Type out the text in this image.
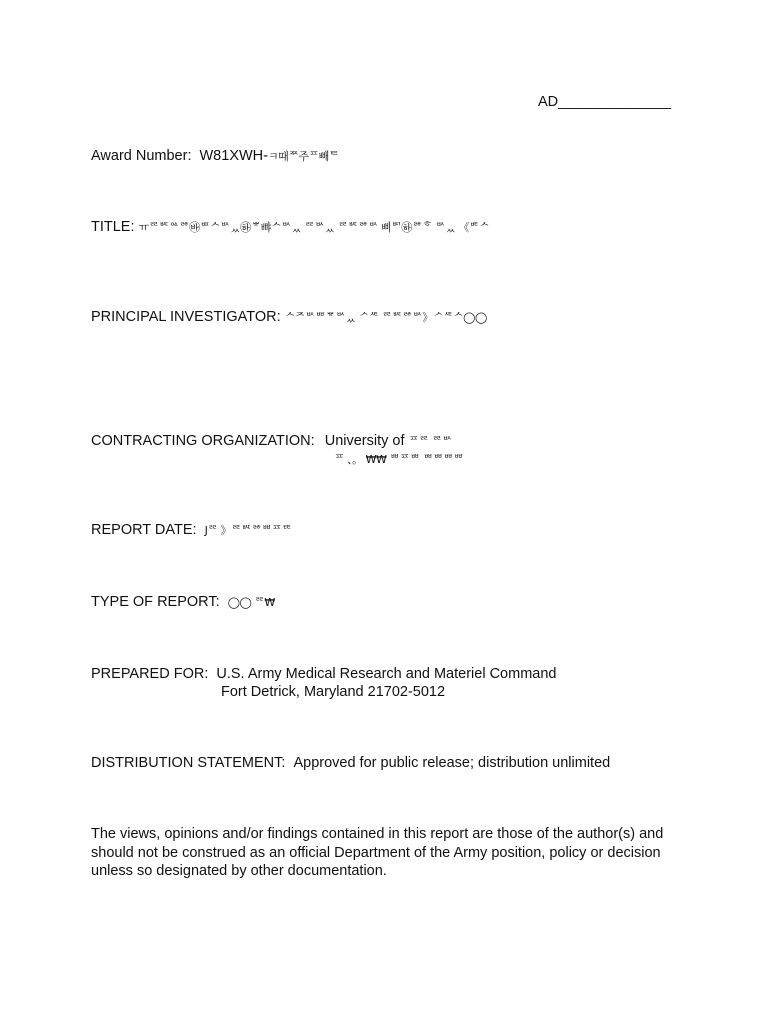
AD______________
Award Number: W81XWH-ㅋ때ᄍ주ᄑ빼ᄐ
TITLE: ㅠᄙᄣᅆᄚ㉳ᄪᄉᄡᆻ㉻ᄬ뺘ᄉᄡᆻ ᄙᄡᆻ ᄙᄣᄚᄡ 삐ᄢ㉻ᄚᄒ ᄡᆻ 《ᄩᄉ
PRINCIPAL INVESTIGATOR: ᄉᄌᄡᄈᄬᄡᆻ ᄼᄹ ᄙᄣᄚᄡ》ᄼᄹᄉ◯◯
CONTRACTING ORGANIZATION: University of ᄑᄙ ᄙᄡ
ᄑ 、。 ₩₩ ᄈᄑᄈ ᄈᄈᄈᄈ
REPORT DATE: Jᄙ 》ᄙᄣᄚᄈᄑᄐᄐ
TYPE OF REPORT: ◯◯ ᄙ₩
PREPARED FOR: U.S. Army Medical Research and Materiel Command
Fort Detrick, Maryland 21702-5012
DISTRIBUTION STATEMENT: Approved for public release; distribution unlimited
The views, opinions and/or findings contained in this report are those of the author(s) and should not be construed as an official Department of the Army position, policy or decision unless so designated by other documentation.
